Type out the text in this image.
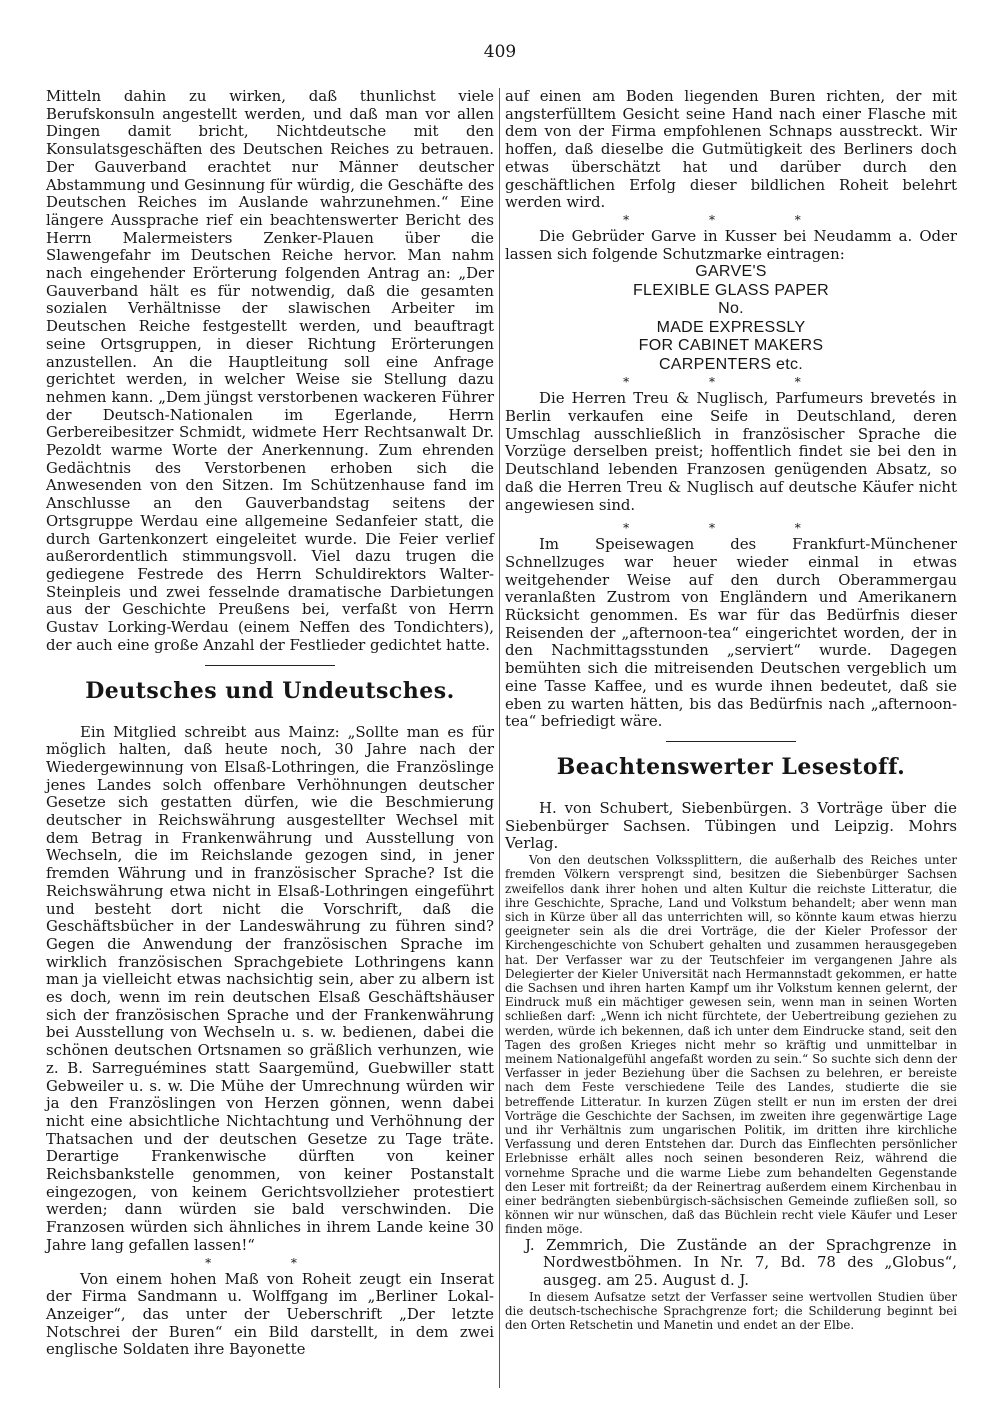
409

Mitteln dahin zu wirken, daß thunlichst viele Berufskonsuln angestellt werden, und daß man vor allen Dingen damit bricht, Nichtdeutsche mit den Konsulatsgeschäften des Deutschen Reiches zu betrauen. Der Gauverband erachtet nur Männer deutscher Abstammung und Gesinnung für würdig, die Geschäfte des Deutschen Reiches im Auslande wahrzunehmen.“ Eine längere Aussprache rief ein beachtenswerter Bericht des Herrn Malermeisters Zenker-Plauen über die Slawengefahr im Deutschen Reiche hervor. Man nahm nach eingehender Erörterung folgenden Antrag an: „Der Gauverband hält es für notwendig, daß die gesamten sozialen Verhältnisse der slawischen Arbeiter im Deutschen Reiche festgestellt werden, und beauftragt seine Ortsgruppen, in dieser Richtung Erörterungen anzustellen. An die Hauptleitung soll eine Anfrage gerichtet werden, in welcher Weise sie Stellung dazu nehmen kann. „Dem jüngst verstorbenen wackeren Führer der Deutsch-Nationalen im Egerlande, Herrn Gerbereibesitzer Schmidt, widmete Herr Rechtsanwalt Dr. Pezoldt warme Worte der Anerkennung. Zum ehrenden Gedächtnis des Verstorbenen erhoben sich die Anwesenden von den Sitzen. Im Schützenhause fand im Anschlusse an den Gauverbandstag seitens der Ortsgruppe Werdau eine allgemeine Sedanfeier statt, die durch Gartenkonzert eingeleitet wurde. Die Feier verlief außerordentlich stimmungsvoll. Viel dazu trugen die gediegene Festrede des Herrn Schuldirektors Walter-Steinpleis und zwei fesselnde dramatische Darbietungen aus der Geschichte Preußens bei, verfaßt von Herrn Gustav Lorking-Werdau (einem Neffen des Tondichters), der auch eine große Anzahl der Festlieder gedichtet hatte.

Deutsches und Undeutsches.

Ein Mitglied schreibt aus Mainz: „Sollte man es für möglich halten, daß heute noch, 30 Jahre nach der Wiedergewinnung von Elsaß-Lothringen, die Französlinge jenes Landes solch offenbare Verhöhnungen deutscher Gesetze sich gestatten dürfen, wie die Beschmierung deutscher in Reichswährung ausgestellter Wechsel mit dem Betrag in Frankenwährung und Ausstellung von Wechseln, die im Reichslande gezogen sind, in jener fremden Währung und in französischer Sprache? Ist die Reichswährung etwa nicht in Elsaß-Lothringen eingeführt und besteht dort nicht die Vorschrift, daß die Geschäftsbücher in der Landeswährung zu führen sind? Gegen die Anwendung der französischen Sprache im wirklich französischen Sprachgebiete Lothringens kann man ja vielleicht etwas nachsichtig sein, aber zu albern ist es doch, wenn im rein deutschen Elsaß Geschäftshäuser sich der französischen Sprache und der Frankenwährung bei Ausstellung von Wechseln u. s. w. bedienen, dabei die schönen deutschen Ortsnamen so gräßlich verhunzen, wie z. B. Sarreguémines statt Saargemünd, Guebwiller statt Gebweiler u. s. w. Die Mühe der Umrechnung würden wir ja den Französlingen von Herzen gönnen, wenn dabei nicht eine absichtliche Nichtachtung und Verhöhnung der Thatsachen und der deutschen Gesetze zu Tage träte. Derartige Frankenwische dürften von keiner Reichsbankstelle genommen, von keiner Postanstalt eingezogen, von keinem Gerichtsvollzieher protestiert werden; dann würden sie bald verschwinden. Die Franzosen würden sich ähnliches in ihrem Lande keine 30 Jahre lang gefallen lassen!“

* *

Von einem hohen Maß von Roheit zeugt ein Inserat der Firma Sandmann u. Wolffgang im „Berliner Lokal-Anzeiger“, das unter der Ueberschrift „Der letzte Notschrei der Buren“ ein Bild darstellt, in dem zwei englische Soldaten ihre Bayonette

auf einen am Boden liegenden Buren richten, der mit angsterfülltem Gesicht seine Hand nach einer Flasche mit dem von der Firma empfohlenen Schnaps ausstreckt. Wir hoffen, daß dieselbe die Gutmütigkeit des Berliners doch etwas überschätzt hat und darüber durch den geschäftlichen Erfolg dieser bildlichen Roheit belehrt werden wird.

* * *

Die Gebrüder Garve in Kusser bei Neudamm a. Oder lassen sich folgende Schutzmarke eintragen:

GARVE'S

FLEXIBLE GLASS PAPER

No.

MADE EXPRESSLY

FOR CABINET MAKERS

CARPENTERS etc.

* * *

Die Herren Treu & Nuglisch, Parfumeurs brevetés in Berlin verkaufen eine Seife in Deutschland, deren Umschlag ausschließlich in französischer Sprache die Vorzüge derselben preist; hoffentlich findet sie bei den in Deutschland lebenden Franzosen genügenden Absatz, so daß die Herren Treu & Nuglisch auf deutsche Käufer nicht angewiesen sind.

* * *

Im Speisewagen des Frankfurt-Münchener Schnellzuges war heuer wieder einmal in etwas weitgehender Weise auf den durch Oberammergau veranlaßten Zustrom von Engländern und Amerikanern Rücksicht genommen. Es war für das Bedürfnis dieser Reisenden der „afternoon-tea“ eingerichtet worden, der in den Nachmittagsstunden „serviert“ wurde. Dagegen bemühten sich die mitreisenden Deutschen vergeblich um eine Tasse Kaffee, und es wurde ihnen bedeutet, daß sie eben zu warten hätten, bis das Bedürfnis nach „afternoon-tea“ befriedigt wäre.

Beachtenswerter Lesestoff.

H. von Schubert, Siebenbürgen. 3 Vorträge über die Siebenbürger Sachsen. Tübingen und Leipzig. Mohrs Verlag.

Von den deutschen Volkssplittern, die außerhalb des Reiches unter fremden Völkern versprengt sind, besitzen die Siebenbürger Sachsen zweifellos dank ihrer hohen und alten Kultur die reichste Litteratur, die ihre Geschichte, Sprache, Land und Volkstum behandelt; aber wenn man sich in Kürze über all das unterrichten will, so könnte kaum etwas hierzu geeigneter sein als die drei Vorträge, die der Kieler Professor der Kirchengeschichte von Schubert gehalten und zusammen herausgegeben hat. Der Verfasser war zu der Teutschfeier im vergangenen Jahre als Delegierter der Kieler Universität nach Hermannstadt gekommen, er hatte die Sachsen und ihren harten Kampf um ihr Volkstum kennen gelernt, der Eindruck muß ein mächtiger gewesen sein, wenn man in seinen Worten schließen darf: „Wenn ich nicht fürchtete, der Uebertreibung geziehen zu werden, würde ich bekennen, daß ich unter dem Eindrucke stand, seit den Tagen des großen Krieges nicht mehr so kräftig und unmittelbar in meinem Nationalgefühl angefaßt worden zu sein.“ So suchte sich denn der Verfasser in jeder Beziehung über die Sachsen zu belehren, er bereiste nach dem Feste verschiedene Teile des Landes, studierte die sie betreffende Litteratur. In kurzen Zügen stellt er nun im ersten der drei Vorträge die Geschichte der Sachsen, im zweiten ihre gegenwärtige Lage und ihr Verhältnis zum ungarischen Politik, im dritten ihre kirchliche Verfassung und deren Entstehen dar. Durch das Einflechten persönlicher Erlebnisse erhält alles noch seinen besonderen Reiz, während die vornehme Sprache und die warme Liebe zum behandelten Gegenstande den Leser mit fortreißt; da der Reinertrag außerdem einem Kirchenbau in einer bedrängten siebenbürgisch-sächsischen Gemeinde zufließen soll, so können wir nur wünschen, daß das Büchlein recht viele Käufer und Leser finden möge.

J. Zemmrich, Die Zustände an der Sprachgrenze in Nordwestböhmen. In Nr. 7, Bd. 78 des „Globus“, ausgeg. am 25. August d. J.

In diesem Aufsatze setzt der Verfasser seine wertvollen Studien über die deutsch-tschechische Sprachgrenze fort; die Schilderung beginnt bei den Orten Retschetin und Manetin und endet an der Elbe.
